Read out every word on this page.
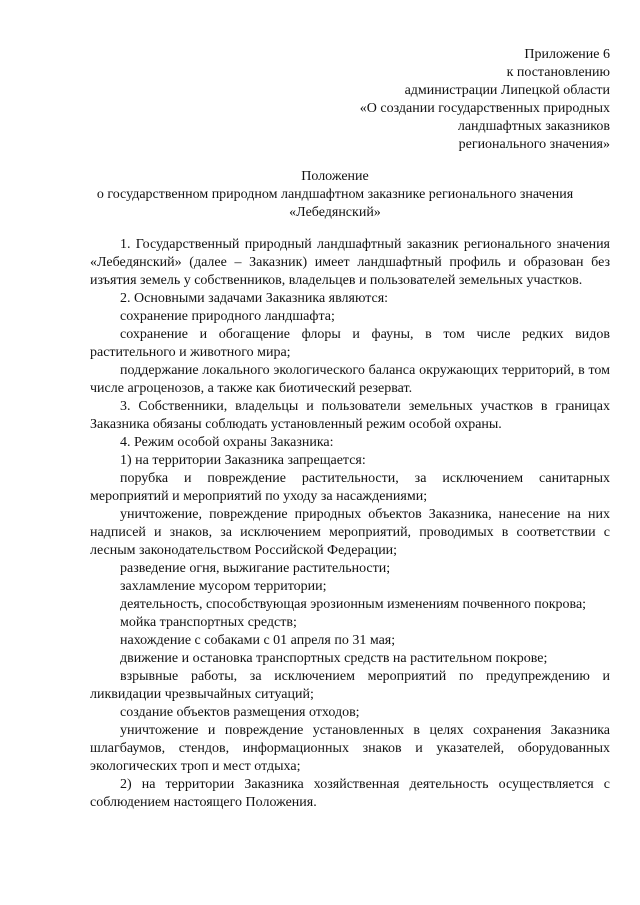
Приложение 6
к постановлению
администрации Липецкой области
«О создании государственных природных
ландшафтных заказников
регионального значения»
Положение
о государственном природном ландшафтном заказнике регионального значения
«Лебедянский»
1. Государственный природный ландшафтный заказник регионального значения «Лебедянский» (далее – Заказник) имеет ландшафтный профиль и образован без изъятия земель у собственников, владельцев и пользователей земельных участков.
2. Основными задачами Заказника являются:
сохранение природного ландшафта;
сохранение и обогащение флоры и фауны, в том числе редких видов растительного и животного мира;
поддержание локального экологического баланса окружающих территорий, в том числе агроценозов, а также как биотический резерват.
3. Собственники, владельцы и пользователи земельных участков в границах Заказника обязаны соблюдать установленный режим особой охраны.
4. Режим особой охраны Заказника:
1) на территории Заказника запрещается:
порубка и повреждение растительности, за исключением санитарных мероприятий и мероприятий по уходу за насаждениями;
уничтожение, повреждение природных объектов Заказника, нанесение на них надписей и знаков, за исключением мероприятий, проводимых в соответствии с лесным законодательством Российской Федерации;
разведение огня, выжигание растительности;
захламление мусором территории;
деятельность, способствующая эрозионным изменениям почвенного покрова;
мойка транспортных средств;
нахождение с собаками с 01 апреля по 31 мая;
движение и остановка транспортных средств на растительном покрове;
взрывные работы, за исключением мероприятий по предупреждению и ликвидации чрезвычайных ситуаций;
создание объектов размещения отходов;
уничтожение и повреждение установленных в целях сохранения Заказника шлагбаумов, стендов, информационных знаков и указателей, оборудованных экологических троп и мест отдыха;
2) на территории Заказника хозяйственная деятельность осуществляется с соблюдением настоящего Положения.
